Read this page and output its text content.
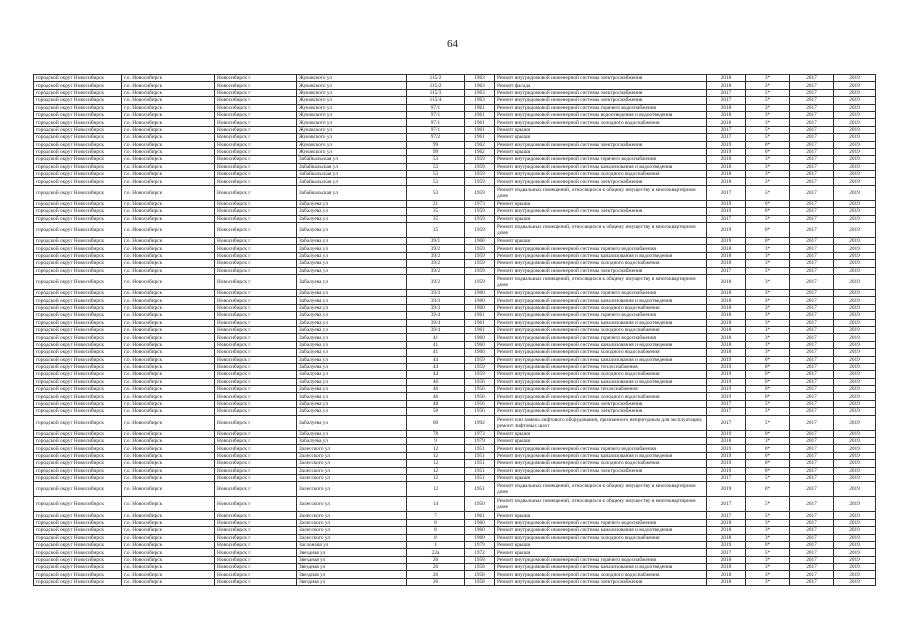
64
городской округ Новосибирск	г.о. Новосибирск	Новосибирск г	Жуковского ул	115/2	1963	Ремонт внутридомовой инженерной системы электроснабжения	2018	3*	2017	2019
городской округ Новосибирск	г.о. Новосибирск	Новосибирск г	Жуковского ул	115/2	1963	Ремонт фасада	2018	3*	2017	2019
городской округ Новосибирск	г.о. Новосибирск	Новосибирск г	Жуковского ул	115/3	1963	Ремонт внутридомовой инженерной системы электроснабжения	2017	5*	2017	2019
городской округ Новосибирск	г.о. Новосибирск	Новосибирск г	Жуковского ул	115/4	1963	Ремонт внутридомовой инженерной системы электроснабжения	2017	5*	2017	2019
городской округ Новосибирск	г.о. Новосибирск	Новосибирск г	Жуковского ул	97/1	1961	Ремонт внутридомовой инженерной системы горячего водоснабжения	2018	3*	2017	2019
городской округ Новосибирск	г.о. Новосибирск	Новосибирск г	Жуковского ул	97/1	1961	Ремонт внутридомовой инженерной системы водоотведения и водоотведения	2018	3*	2017	2019
городской округ Новосибирск	г.о. Новосибирск	Новосибирск г	Жуковского ул	97/1	1961	Ремонт внутридомовой инженерной системы холодного водоснабжения	2018	3*	2017	2019
городской округ Новосибирск	г.о. Новосибирск	Новосибирск г	Жуковского ул	97/1	1961	Ремонт крыши	2017	5*	2017	2019
городской округ Новосибирск	г.о. Новосибирск	Новосибирск г	Жуковского ул	97/2	1961	Ремонт крыши	2017	5*	2017	2019
городской округ Новосибирск	г.о. Новосибирск	Новосибирск г	Жуковского ул	99	1962	Ремонт внутридомовой инженерной системы электроснабжения	2019	0*	2017	2019
городской округ Новосибирск	г.о. Новосибирск	Новосибирск г	Жуковского ул	99	1962	Ремонт крыши	2019	0*	2017	2019
городской округ Новосибирск	г.о. Новосибирск	Новосибирск г	Забайкальская ул	53	1959	Ремонт внутридомовой инженерной системы горячего водоснабжения	2018	3*	2017	2019
городской округ Новосибирск	г.о. Новосибирск	Новосибирск г	Забайкальская ул	53	1959	Ремонт внутридомовой инженерной системы канализования и водоотведения	2018	3*	2017	2019
городской округ Новосибирск	г.о. Новосибирск	Новосибирск г	Забайкальская ул	53	1959	Ремонт внутридомовой инженерной системы холодного водоснабжения	2018	3*	2017	2019
городской округ Новосибирск	г.о. Новосибирск	Новосибирск г	Забайкальская ул	53	1959	Ремонт внутридомовой инженерной системы электроснабжения	2018	3*	2017	2019
городской округ Новосибирск	г.о. Новосибирск	Новосибирск г	Забайкальская ул	53	1959	Ремонт подвальных помещений, относящихся к общему имуществу в многоквартирном доме	2017	5*	2017	2019
городской округ Новосибирск	г.о. Новосибирск	Новосибирск г	Забалуева ул	21	1973	Ремонт крыши	2019	0*	2017	2019
городской округ Новосибирск	г.о. Новосибирск	Новосибирск г	Забалуева ул	35	1959	Ремонт внутридомовой инженерной системы электроснабжения	2019	0*	2017	2019
городской округ Новосибирск	г.о. Новосибирск	Новосибирск г	Забалуева ул	35	1959	Ремонт крыши	2017	5*	2017	2019
городской округ Новосибирск	г.о. Новосибирск	Новосибирск г	Забалуева ул	35	1959	Ремонт подвальных помещений, относящихся к общему имуществу в многоквартирном доме	2019	0*	2017	2019
городской округ Новосибирск	г.о. Новосибирск	Новосибирск г	Забалуева ул	39/1	1960	Ремонт крыши	2019	0*	2017	2019
городской округ Новосибирск	г.о. Новосибирск	Новосибирск г	Забалуева ул	39/2	1959	Ремонт внутридомовой инженерной системы горячего водоснабжения	2018	3*	2017	2019
городской округ Новосибирск	г.о. Новосибирск	Новосибирск г	Забалуева ул	39/2	1959	Ремонт внутридомовой инженерной системы канализования и водоотведения	2018	3*	2017	2019
городской округ Новосибирск	г.о. Новосибирск	Новосибирск г	Забалуева ул	39/2	1959	Ремонт внутридомовой инженерной системы холодного водоснабжения	2018	3*	2017	2019
городской округ Новосибирск	г.о. Новосибирск	Новосибирск г	Забалуева ул	39/2	1959	Ремонт внутридомовой инженерной системы электроснабжения	2017	5*	2017	2019
городской округ Новосибирск	г.о. Новосибирск	Новосибирск г	Забалуева ул	39/2	1959	Ремонт подвальных помещений, относящихся к общему имуществу в многоквартирном доме	2018	3*	2017	2019
городской округ Новосибирск	г.о. Новосибирск	Новосибирск г	Забалуева ул	39/3	1960	Ремонт внутридомовой инженерной системы горячего водоснабжения	2018	3*	2017	2019
городской округ Новосибирск	г.о. Новосибирск	Новосибирск г	Забалуева ул	39/3	1960	Ремонт внутридомовой инженерной системы канализования и водоотведения	2018	3*	2017	2019
городской округ Новосибирск	г.о. Новосибирск	Новосибирск г	Забалуева ул	39/3	1960	Ремонт внутридомовой инженерной системы холодного водоснабжения	2018	3*	2017	2019
городской округ Новосибирск	г.о. Новосибирск	Новосибирск г	Забалуева ул	39/4	1961	Ремонт внутридомовой инженерной системы горячего водоснабжения	2018	3*	2017	2019
городской округ Новосибирск	г.о. Новосибирск	Новосибирск г	Забалуева ул	39/4	1961	Ремонт внутридомовой инженерной системы канализования и водоотведения	2018	3*	2017	2019
городской округ Новосибирск	г.о. Новосибирск	Новосибирск г	Забалуева ул	39/4	1961	Ремонт внутридомовой инженерной системы холодного водоснабжения	2018	3*	2017	2019
городской округ Новосибирск	г.о. Новосибирск	Новосибирск г	Забалуева ул	41	1960	Ремонт внутридомовой инженерной системы горячего водоснабжения	2018	3*	2017	2019
городской округ Новосибирск	г.о. Новосибирск	Новосибирск г	Забалуева ул	41	1960	Ремонт внутридомовой инженерной системы канализования и водоотведения	2018	3*	2017	2019
городской округ Новосибирск	г.о. Новосибирск	Новосибирск г	Забалуева ул	41	1960	Ремонт внутридомовой инженерной системы холодного водоснабжения	2018	3*	2017	2019
городской округ Новосибирск	г.о. Новосибирск	Новосибирск г	Забалуева ул	44	1959	Ремонт внутридомовой инженерной системы канализования и водоотведения	2019	0*	2017	2019
городской округ Новосибирск	г.о. Новосибирск	Новосибирск г	Забалуева ул	44	1959	Ремонт внутридомовой инженерной системы теплоснабжения	2019	0*	2017	2019
городской округ Новосибирск	г.о. Новосибирск	Новосибирск г	Забалуева ул	44	1959	Ремонт внутридомовой инженерной системы холодного водоснабжения	2019	0*	2017	2019
городской округ Новосибирск	г.о. Новосибирск	Новосибирск г	Забалуева ул	46	1956	Ремонт внутридомовой инженерной системы канализования и водоотведения	2019	0*	2017	2019
городской округ Новосибирск	г.о. Новосибирск	Новосибирск г	Забалуева ул	46	1956	Ремонт внутридомовой инженерной системы теплоснабжения	2019	0*	2017	2019
городской округ Новосибирск	г.о. Новосибирск	Новосибирск г	Забалуева ул	46	1956	Ремонт внутридомовой инженерной системы холодного водоснабжения	2019	0*	2017	2019
городской округ Новосибирск	г.о. Новосибирск	Новосибирск г	Забалуева ул	48	1956	Ремонт внутридомовой инженерной системы электроснабжения	2017	5*	2017	2019
городской округ Новосибирск	г.о. Новосибирск	Новосибирск г	Забалуева ул	50	1956	Ремонт внутридомовой инженерной системы электроснабжения	2017	5*	2017	2019
городской округ Новосибирск	г.о. Новосибирск	Новосибирск г	Забалуева ул	60	1992	Ремонт или замена лифтового оборудования, признанного непригодным для эксплуатации, ремонт лифтовых шахт	2017	5*	2017	2019
городской округ Новосибирск	г.о. Новосибирск	Новосибирск г	Забалуева ул	78	1973	Ремонт крыши	2019	0*	2017	2019
городской округ Новосибирск	г.о. Новосибирск	Новосибирск г	Забалуева ул	9	1979	Ремонт крыши	2018	3*	2017	2019
городской округ Новосибирск	г.о. Новосибирск	Новосибирск г	Залесского ул	12	1951	Ремонт внутридомовой инженерной системы горячего водоснабжения	2019	0*	2017	2019
городской округ Новосибирск	г.о. Новосибирск	Новосибирск г	Залесского ул	12	1951	Ремонт внутридомовой инженерной системы канализования и водоотведения	2019	0*	2017	2019
городской округ Новосибирск	г.о. Новосибирск	Новосибирск г	Залесского ул	12	1951	Ремонт внутридомовой инженерной системы холодного водоснабжения	2019	0*	2017	2019
городской округ Новосибирск	г.о. Новосибирск	Новосибирск г	Залесского ул	12	1951	Ремонт внутридомовой инженерной системы электроснабжения	2019	0*	2017	2019
городской округ Новосибирск	г.о. Новосибирск	Новосибирск г	Залесского ул	12	1951	Ремонт крыши	2017	5*	2017	2019
городской округ Новосибирск	г.о. Новосибирск	Новосибирск г	Залесского ул	12	1951	Ремонт подвальных помещений, относящихся к общему имуществу в многоквартирном доме	2019	0*	2017	2019
городской округ Новосибирск	г.о. Новосибирск	Новосибирск г	Залесского ул	14	1950	Ремонт подвальных помещений, относящихся к общему имуществу в многоквартирном доме	2017	5*	2017	2019
городской округ Новосибирск	г.о. Новосибирск	Новосибирск г	Залесского ул	7	1961	Ремонт крыши	2017	5*	2017	2019
городской округ Новосибирск	г.о. Новосибирск	Новосибирск г	Залесского ул	8	1960	Ремонт внутридомовой инженерной системы горячего водоснабжения	2018	3*	2017	2019
городской округ Новосибирск	г.о. Новосибирск	Новосибирск г	Залесского ул	8	1960	Ремонт внутридомовой инженерной системы канализования и водоотведения	2018	3*	2017	2019
городской округ Новосибирск	г.о. Новосибирск	Новосибирск г	Залесского ул	8	1960	Ремонт внутридомовой инженерной системы холодного водоснабжения	2018	3*	2017	2019
городской округ Новосибирск	г.о. Новосибирск	Новосибирск г	Заслонова ул	1	1979	Ремонт крыши	2019	0*	2017	2019
городской округ Новосибирск	г.о. Новосибирск	Новосибирск г	Звездная ул	22а	1972	Ремонт крыши	2017	5*	2017	2019
городской округ Новосибирск	г.о. Новосибирск	Новосибирск г	Звездная ул	26	1958	Ремонт внутридомовой инженерной системы горячего водоснабжения	2018	3*	2017	2019
городской округ Новосибирск	г.о. Новосибирск	Новосибирск г	Звездная ул	26	1958	Ремонт внутридомовой инженерной системы канализования и водоотведения	2018	3*	2017	2019
городской округ Новосибирск	г.о. Новосибирск	Новосибирск г	Звездная ул	26	1958	Ремонт внутридомовой инженерной системы холодного водоснабжения	2018	3*	2017	2019
городской округ Новосибирск	г.о. Новосибирск	Новосибирск г	Звездная ул	26	1958	Ремонт внутридомовой инженерной системы электроснабжения	2018	3*	2017	2019
